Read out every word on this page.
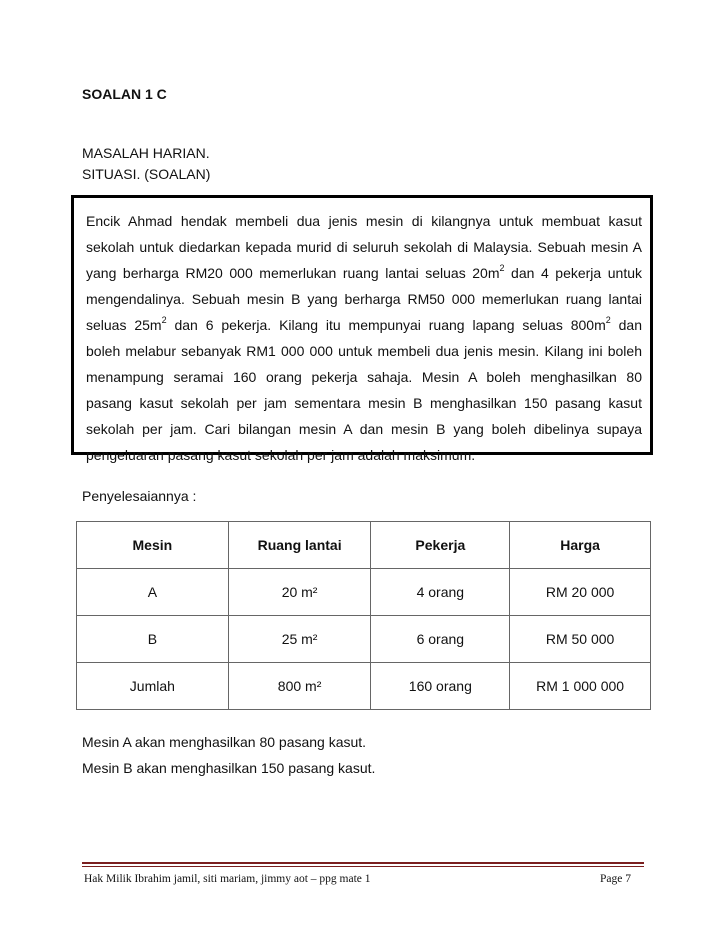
SOALAN 1 C
MASALAH HARIAN.
SITUASI. (SOALAN)
Encik Ahmad hendak membeli dua jenis mesin di kilangnya untuk membuat kasut
sekolah untuk diedarkan kepada murid di seluruh sekolah di Malaysia. Sebuah mesin A
yang berharga RM20 000 memerlukan ruang lantai seluas $20m^2$ dan 4 pekerja untuk
mengendalinya. Sebuah mesin B yang berharga RM50 000 memerlukan ruang lantai
seluas $25m^2$ dan 6 pekerja. Kilang itu mempunyai ruang lapang seluas $800m^2$ dan
boleh melabur sebanyak RM1 000 000 untuk membeli dua jenis mesin. Kilang ini boleh
menampung seramai 160 orang pekerja sahaja. Mesin A boleh menghasilkan 80
pasang kasut sekolah per jam sementara mesin B menghasilkan 150 pasang kasut
sekolah per jam. Cari bilangan mesin A dan mesin B yang boleh dibelinya supaya
pengeluaran pasang kasut sekolah per jam adalah maksimum.
Penyelesaiannya :
Mesin	Ruang lantai	Pekerja	Harga
A	20 m²	4 orang	RM 20 000
B	25 m²	6 orang	RM 50 000
Jumlah	800 m²	160 orang	RM 1 000 000
Mesin A akan menghasilkan 80 pasang kasut.
Mesin B akan menghasilkan 150 pasang kasut.
Hak Milik Ibrahim jamil, siti mariam, jimmy aot – ppg mate 1	Page 7
